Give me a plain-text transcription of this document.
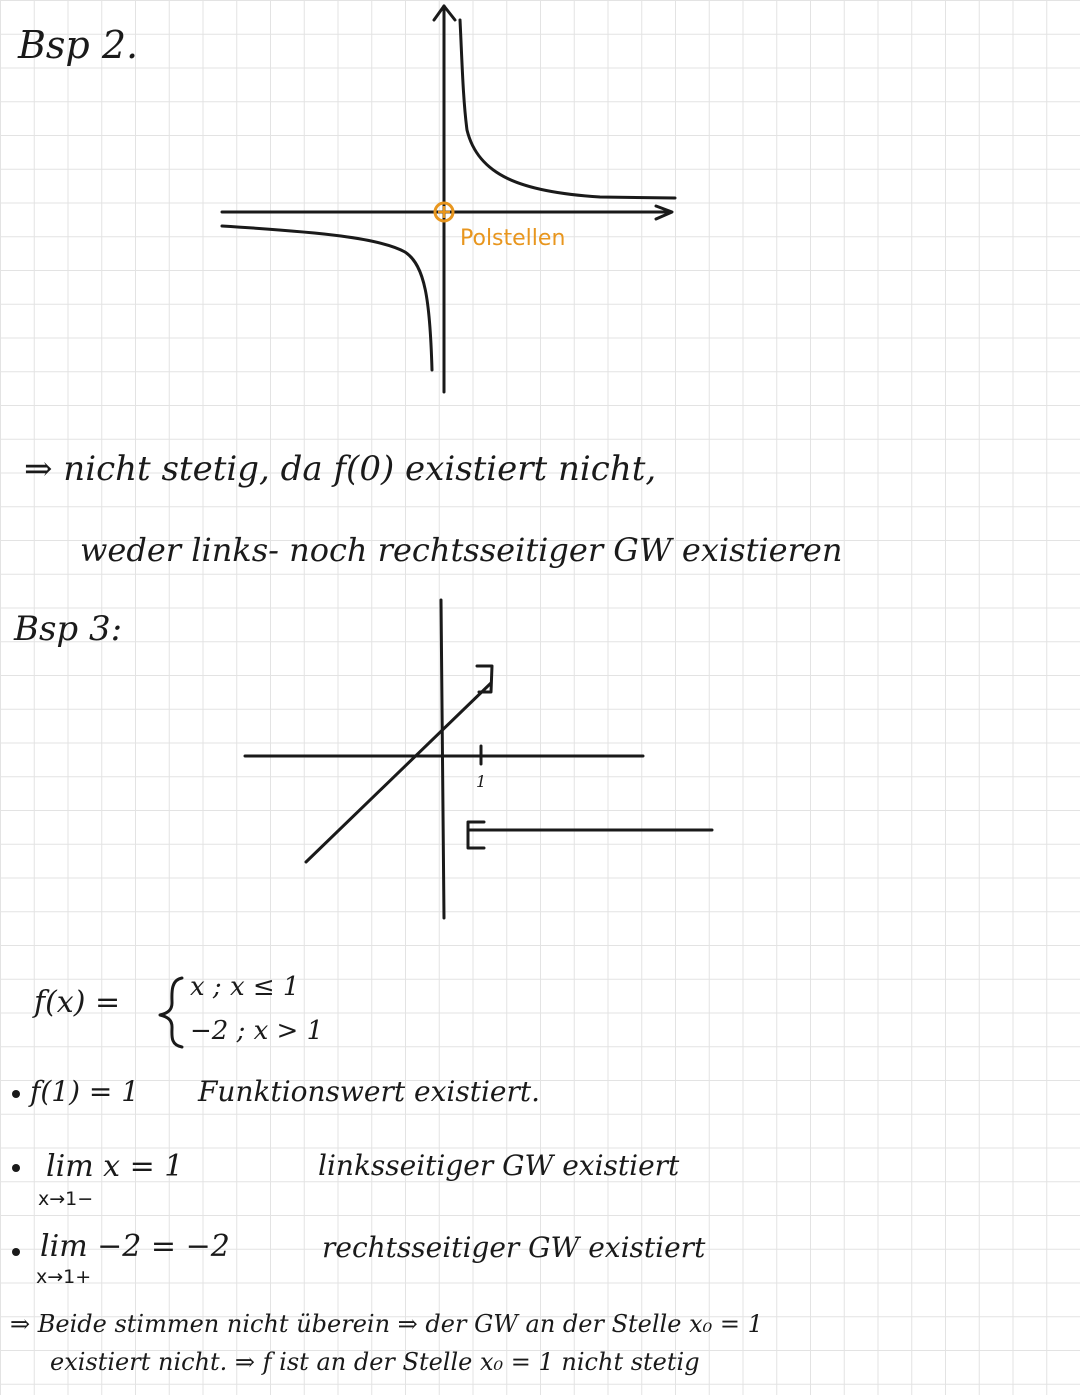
Bsp 2.
Polstellen
⇒ nicht stetig, da f(0) existiert nicht,
weder links- noch rechtsseitiger GW existieren
Bsp 3:
1
f(x) =	x ; x ≤ 1
−2 ; x > 1
f(1) = 1 Funktionswert existiert.
lim x = 1
x→1−
linksseitiger GW existiert
lim −2 = −2
x→1+
rechtsseitiger GW existiert
⇒ Beide stimmen nicht überein ⇒ der GW an der Stelle x₀ = 1
existiert nicht. ⇒ f ist an der Stelle x₀ = 1 nicht stetig
